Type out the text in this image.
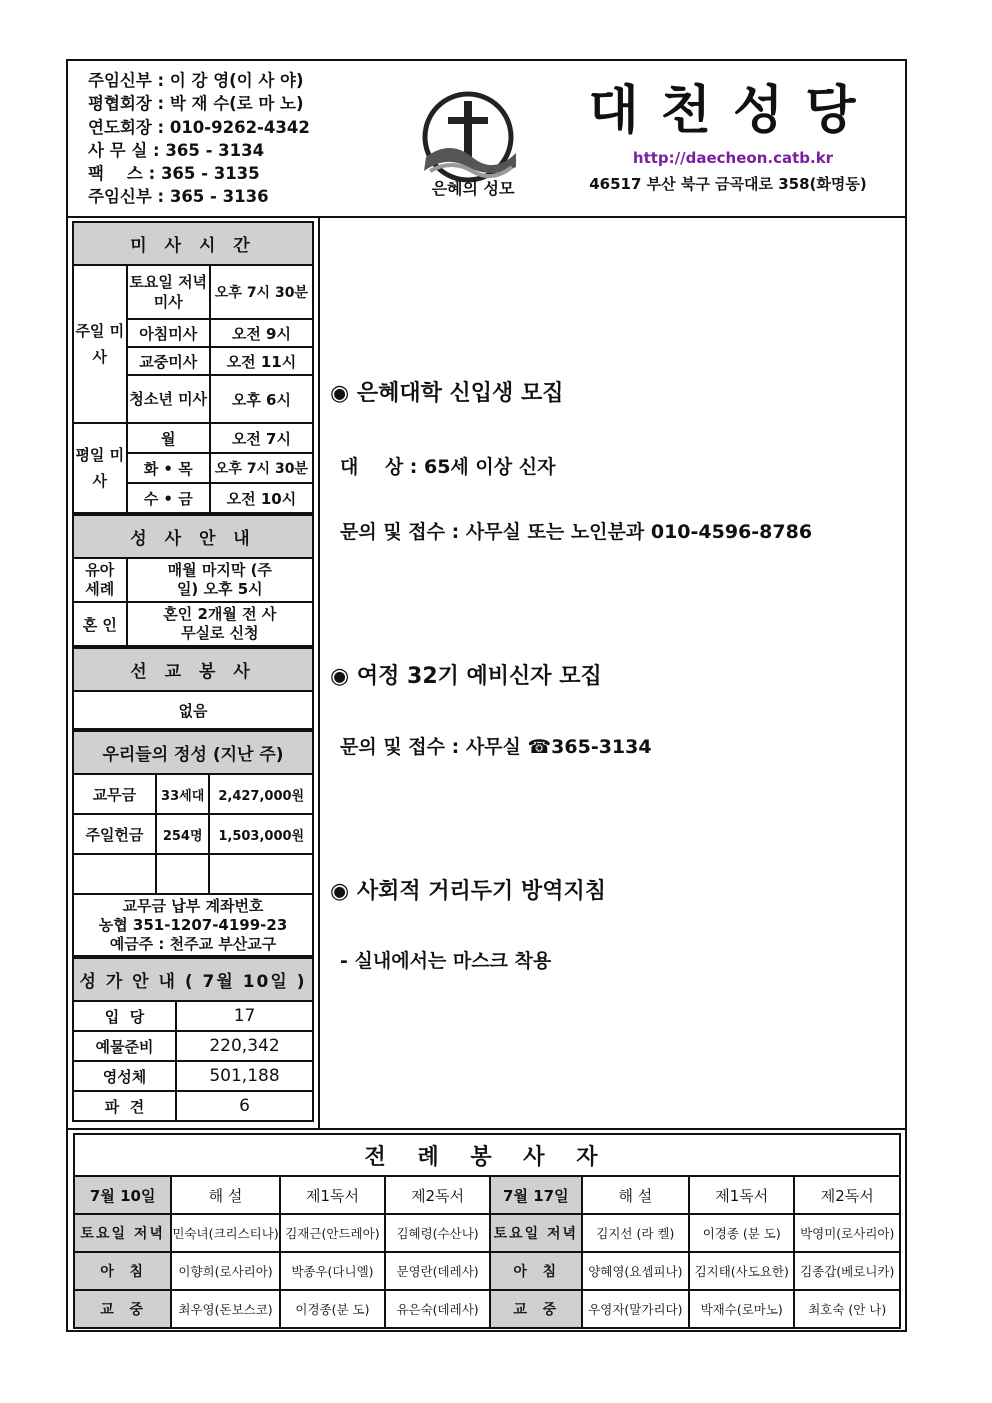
주임신부 : 이 강 영(이 사 야)
평협회장 : 박 재 수(로 마 노)
연도회장 : 010-9262-4342
사 무 실 : 365 - 3134
팩    스 : 365 - 3135
주임신부 : 365 - 3136	은혜의 성모
대천성당
http://daecheon.catb.kr
46517 부산 북구 금곡대로 358(화명동)
미 사 시 간		
주일 미사	토요일 저녁미사	오후 7시 30분
	아침미사	오전 9시
	교중미사	오전 11시
	청소년 미사	오후 6시
평일 미사	월	오전 7시
	화 • 목	오후 7시 30분
	수 • 금	오전 10시
성 사 안 내	
유아 세례	매월 마지막 (주일) 오후 5시
혼 인	혼인 2개월 전 사무실로 신청
선 교 봉 사
없음
우리들의 정성 (지난 주)		
교무금	33세대	2,427,000원
주일헌금	254명	1,503,000원

교무금 납부 계좌번호
농협 351-1207-4199-23
예금주 : 천주교 부산교구		
성 가 안 내 ( 7월 10일 )	
입  당	17
예물준비	220,342
영성체	501,188
파  견	6
◉ 은혜대학 신입생 모집
대    상 : 65세 이상 신자
문의 및 접수 : 사무실 또는 노인분과 010-4596-8786
◉ 여정 32기 예비신자 모집
문의 및 접수 : 사무실 ☎365-3134
◉ 사회적 거리두기 방역지침
- 실내에서는 마스크 착용
전 례 봉 사 자							
7월 10일	해 설	제1독서	제2독서	7월 17일	해 설	제1독서	제2독서
토요일 저녁	민숙녀(크리스티나)	김재근(안드레아)	김혜령(수산나)	토요일 저녁	김지선 (라 켈)	이경종 (분 도)	박영미(로사리아)
아  침	이향희(로사리아)	박종우(다니엘)	문영란(데레사)	아  침	양혜영(요셉피나)	김지태(사도요한)	김종갑(베로니카)
교  중	최우영(돈보스코)	이경종(분 도)	유은숙(데레사)	교  중	우영자(말가리다)	박재수(로마노)	최호숙 (안 나)
